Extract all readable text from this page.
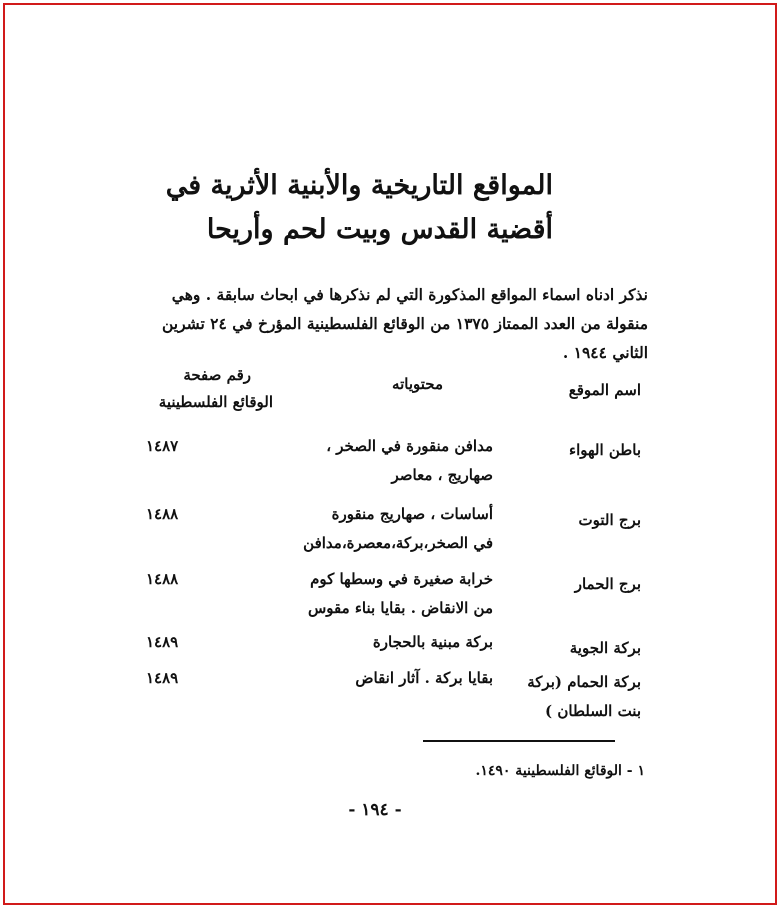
المواقع التاريخية والأبنية الأثرية في
أقضية القدس وبيت لحم وأريحا
نذكر ادناه اسماء المواقع المذكورة التي لم نذكرها في ابحاث سابقة . وهي
منقولة من العدد الممتاز ١٣٧٥ من الوقائع الفلسطينية المؤرخ في ٢٤ تشرين
الثاني ١٩٤٤ .
اسم الموقع
محتوياته
رقم صفحة
الوقائع الفلسطينية
باطن الهواء
مدافن منقورة في الصخر ،
صهاريج ، معاصر
١٤٨٧
برج التوت
أساسات ، صهاريج منقورة
في الصخر،بركة،معصرة،مدافن
١٤٨٨
برج الحمار
خرابة صغيرة في وسطها كوم
من الانقاض . بقايا بناء مقوس
١٤٨٨
بركة الجوية
بركة مبنية بالحجارة
١٤٨٩
بركة الحمام (بركة
بنت السلطان )
بقايا بركة . آثار انقاض
١٤٨٩
١ - الوقائع الفلسطينية ١٤٩٠.
- ١٩٤ -
